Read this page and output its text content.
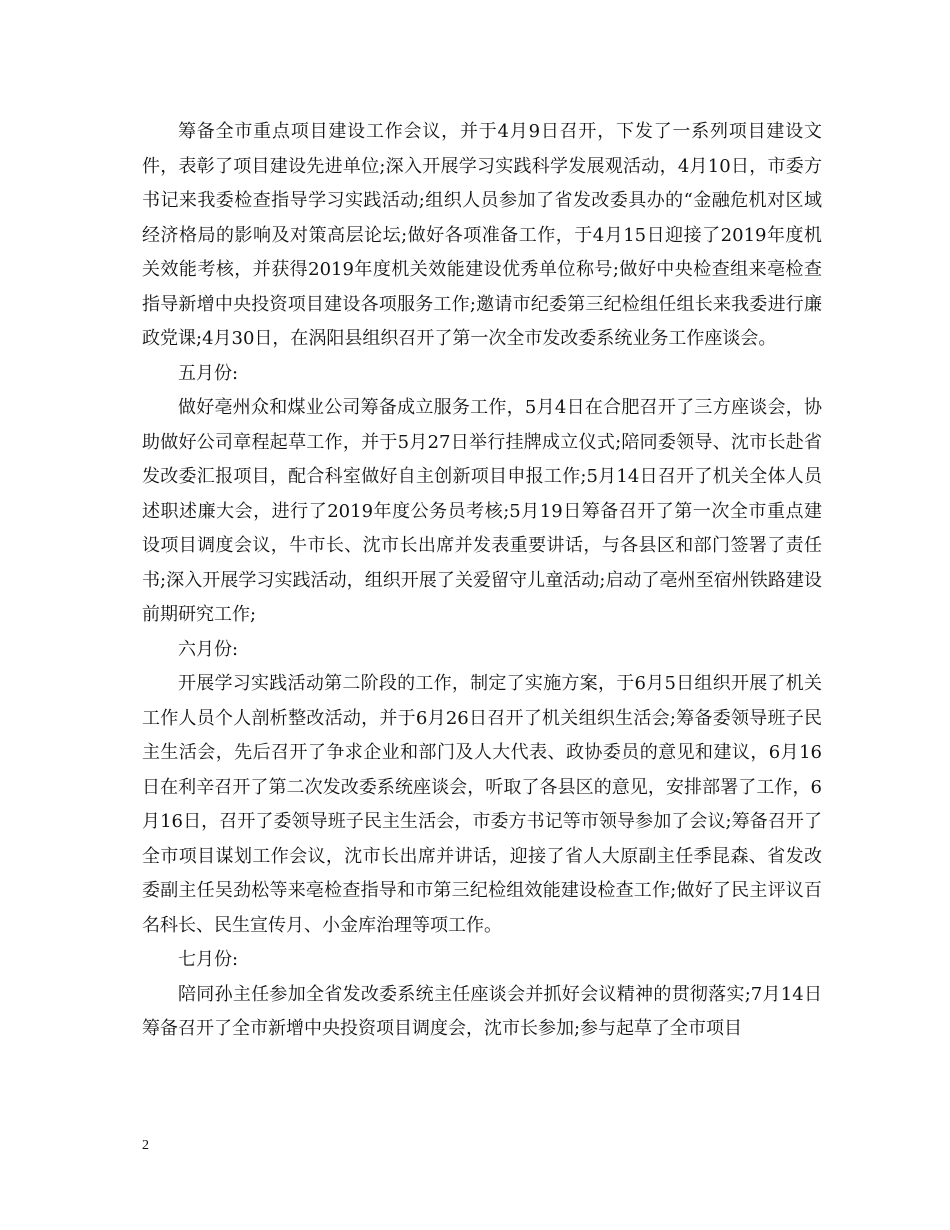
筹备全市重点项目建设工作会议，并于4月9日召开，下发了一系列项目建设文件，表彰了项目建设先进单位;深入开展学习实践科学发展观活动，4月10日，市委方书记来我委检查指导学习实践活动;组织人员参加了省发改委具办的“金融危机对区域经济格局的影响及对策高层论坛;做好各项准备工作，于4月15日迎接了2019年度机关效能考核，并获得2019年度机关效能建设优秀单位称号;做好中央检查组来亳检查指导新增中央投资项目建设各项服务工作;邀请市纪委第三纪检组任组长来我委进行廉政党课;4月30日，在涡阳县组织召开了第一次全市发改委系统业务工作座谈会。

五月份:

做好亳州众和煤业公司筹备成立服务工作，5月4日在合肥召开了三方座谈会，协助做好公司章程起草工作，并于5月27日举行挂牌成立仪式;陪同委领导、沈市长赴省发改委汇报项目，配合科室做好自主创新项目申报工作;5月14日召开了机关全体人员述职述廉大会，进行了2019年度公务员考核;5月19日筹备召开了第一次全市重点建设项目调度会议，牛市长、沈市长出席并发表重要讲话，与各县区和部门签署了责任书;深入开展学习实践活动，组织开展了关爱留守儿童活动;启动了亳州至宿州铁路建设前期研究工作;

六月份:

开展学习实践活动第二阶段的工作，制定了实施方案，于6月5日组织开展了机关工作人员个人剖析整改活动，并于6月26日召开了机关组织生活会;筹备委领导班子民主生活会，先后召开了争求企业和部门及人大代表、政协委员的意见和建议，6月16日在利辛召开了第二次发改委系统座谈会，听取了各县区的意见，安排部署了工作，6月16日，召开了委领导班子民主生活会，市委方书记等市领导参加了会议;筹备召开了全市项目谋划工作会议，沈市长出席并讲话，迎接了省人大原副主任季昆森、省发改委副主任吴劲松等来亳检查指导和市第三纪检组效能建设检查工作;做好了民主评议百名科长、民生宣传月、小金库治理等项工作。

七月份:

陪同孙主任参加全省发改委系统主任座谈会并抓好会议精神的贯彻落实;7月14日筹备召开了全市新增中央投资项目调度会，沈市长参加;参与起草了全市项目

2
